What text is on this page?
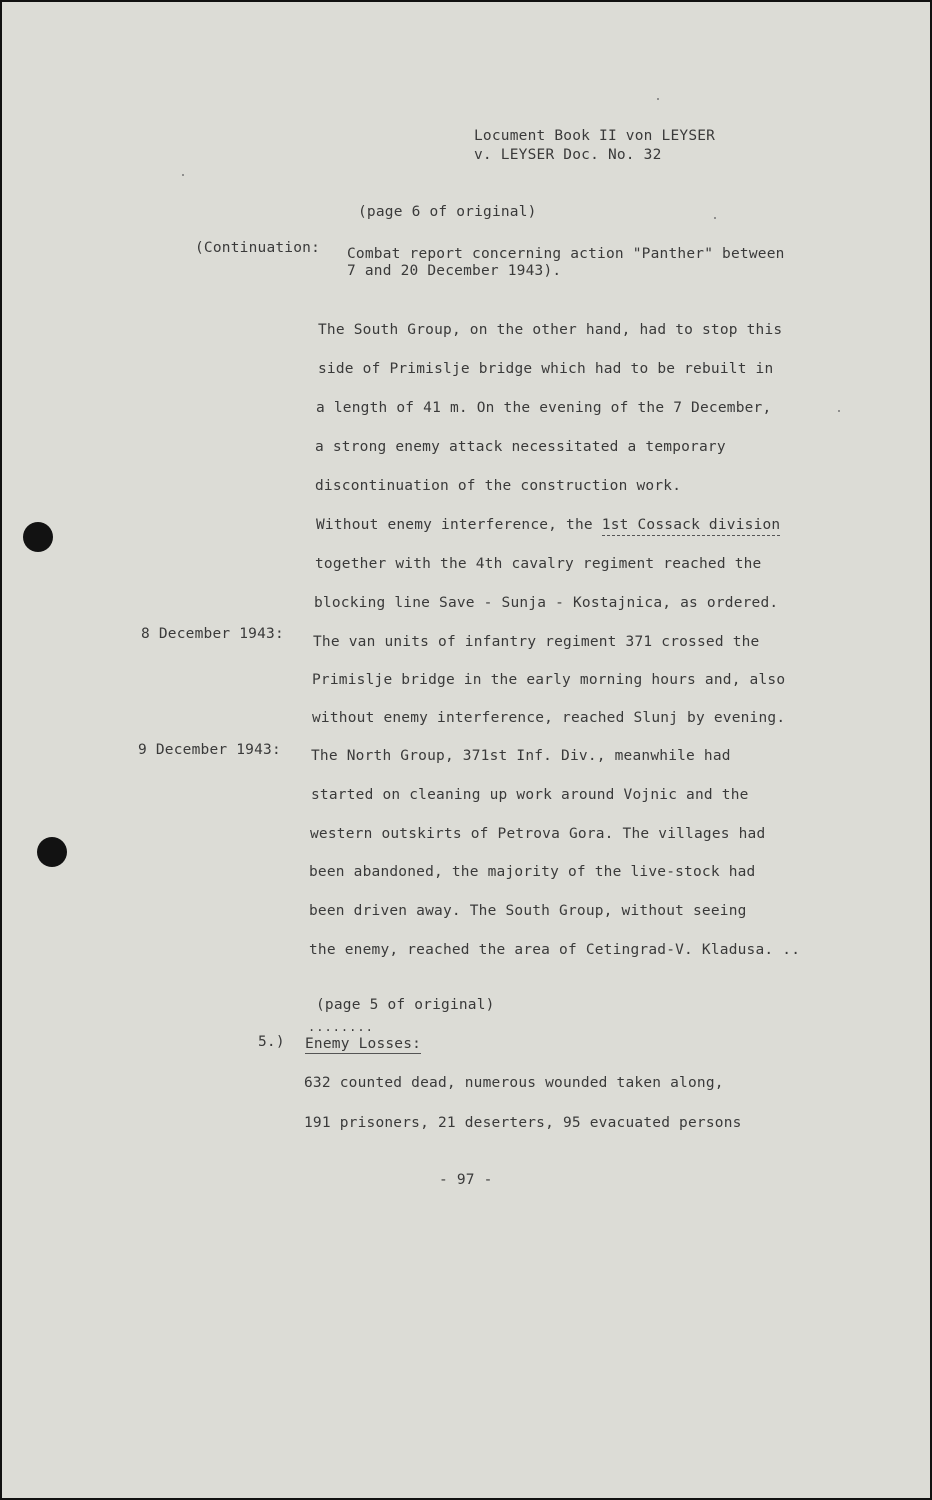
Locument Book II von LEYSER
v. LEYSER Doc. No. 32
(page 6 of original)
(Continuation: Combat report concerning action "Panther" between
7 and 20 December 1943).
The South Group, on the other hand, had to stop this
side of Primislje bridge which had to be rebuilt in
a length of 41 m. On the evening of the 7 December,
a strong enemy attack necessitated a temporary
discontinuation of the construction work.
Without enemy interference, the 1st Cossack division
together with the 4th cavalry regiment reached the
blocking line Save - Sunja - Kostajnica, as ordered.
8 December 1943: The van units of infantry regiment 371 crossed the
Primislje bridge in the early morning hours and, also
without enemy interference, reached Slunj by evening.
9 December 1943: The North Group, 371st Inf. Div., meanwhile had
started on cleaning up work around Vojnic and the
western outskirts of Petrova Gora. The villages had
been abandoned, the majority of the live-stock had
been driven away. The South Group, without seeing
the enemy, reached the area of Cetingrad-V. Kladusa. ..
(page 5 of original)
........
5.) Enemy Losses:
632 counted dead, numerous wounded taken along,
191 prisoners, 21 deserters, 95 evacuated persons
- 97 -
